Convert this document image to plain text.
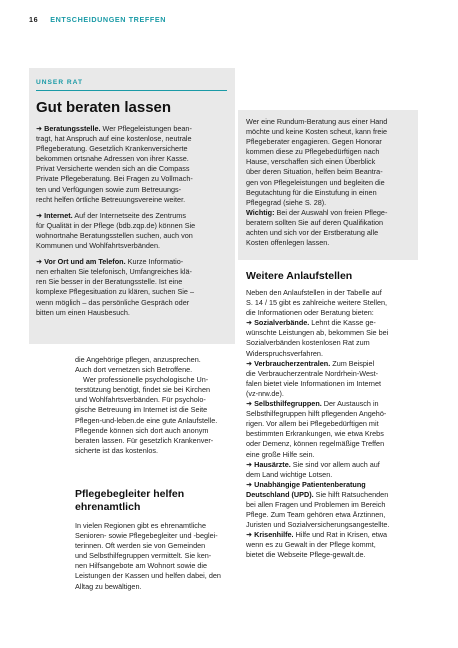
16 ENTSCHEIDUNGEN TREFFEN
UNSER RAT
Gut beraten lassen

➜ Beratungsstelle. Wer Pflegeleistungen bean-
tragt, hat Anspruch auf eine kostenlose, neutrale
Pflegeberatung. Gesetzlich Krankenversicherte
bekommen ortsnahe Adressen von ihrer Kasse.
Privat Versicherte wenden sich an die Compass
Private Pflegeberatung. Bei Fragen zu Vollmach-
ten und Verfügungen sowie zum Betreuungs-
recht helfen örtliche Betreuungsvereine weiter.

➜ Internet. Auf der Internetseite des Zentrums
für Qualität in der Pflege (bdb.zqp.de) können Sie
wohnortnahe Beratungsstellen suchen, auch von
Kommunen und Wohlfahrtsverbänden.

➜ Vor Ort und am Telefon. Kurze Informatio-
nen erhalten Sie telefonisch, Umfangreiches klä-
ren Sie besser in der Beratungsstelle. Ist eine
komplexe Pflegesituation zu klären, suchen Sie –
wenn möglich – das persönliche Gespräch oder
bitten um einen Hausbesuch.

Wer eine Rundum-Beratung aus einer Hand
möchte und keine Kosten scheut, kann freie
Pflegeberater engagieren. Gegen Honorar
kommen diese zu Pflegebedürftigen nach
Hause, verschaffen sich einen Überblick
über deren Situation, helfen beim Beantra-
gen von Pflegeleistungen und begleiten die
Begutachtung für die Einstufung in einen
Pflegegrad (siehe S. 28).

Wichtig: Bei der Auswahl von freien Pflege-
beratern sollten Sie auf deren Qualifikation
achten und sich vor der Erstberatung alle
Kosten offenlegen lassen.

die Angehörige pflegen, anzusprechen.
Auch dort vernetzen sich Betroffene.

Wer professionelle psychologische Un-
terstützung benötigt, findet sie bei Kirchen
und Wohlfahrtsverbänden. Für psycholo-
gische Betreuung im Internet ist die Seite
Pflegen-und-leben.de eine gute Anlaufstelle.
Pflegende können sich dort auch anonym
beraten lassen. Für gesetzlich Krankenver-
sicherte ist das kostenlos.

Pflegebegleiter helfen ehrenamtlich

In vielen Regionen gibt es ehrenamtliche
Senioren- sowie Pflegebegleiter und -beglei-
terinnen. Oft werden sie von Gemeinden
und Selbsthilfegruppen vermittelt. Sie ken-
nen Hilfsangebote am Wohnort sowie die
Leistungen der Kassen und helfen dabei, den
Alltag zu bewältigen.

Weitere Anlaufstellen

Neben den Anlaufstellen in der Tabelle auf
S. 14 / 15 gibt es zahlreiche weitere Stellen,
die Informationen oder Beratung bieten:

➜ Sozialverbände. Lehnt die Kasse ge-
wünschte Leistungen ab, bekommen Sie bei
Sozialverbänden kostenlosen Rat zum
Widerspruchsverfahren.

➜ Verbraucherzentralen. Zum Beispiel
die Verbraucherzentrale Nordrhein-West-
falen bietet viele Informationen im Internet
(vz-nrw.de).

➜ Selbsthilfegruppen. Der Austausch in
Selbsthilfegruppen hilft pflegenden Angehö-
rigen. Vor allem bei Pflegebedürftigen mit
bestimmten Erkrankungen, wie etwa Krebs
oder Demenz, können regelmäßige Treffen
eine große Hilfe sein.

➜ Hausärzte. Sie sind vor allem auch auf
dem Land wichtige Lotsen.

➜ Unabhängige Patientenberatung
Deutschland (UPD). Sie hilft Ratsuchenden
bei allen Fragen und Problemen im Bereich
Pflege. Zum Team gehören etwa Ärztinnen,
Juristen und Sozialversicherungsangestellte.

➜ Krisenhilfe. Hilfe und Rat in Krisen, etwa
wenn es zu Gewalt in der Pflege kommt,
bietet die Webseite Pflege-gewalt.de.
